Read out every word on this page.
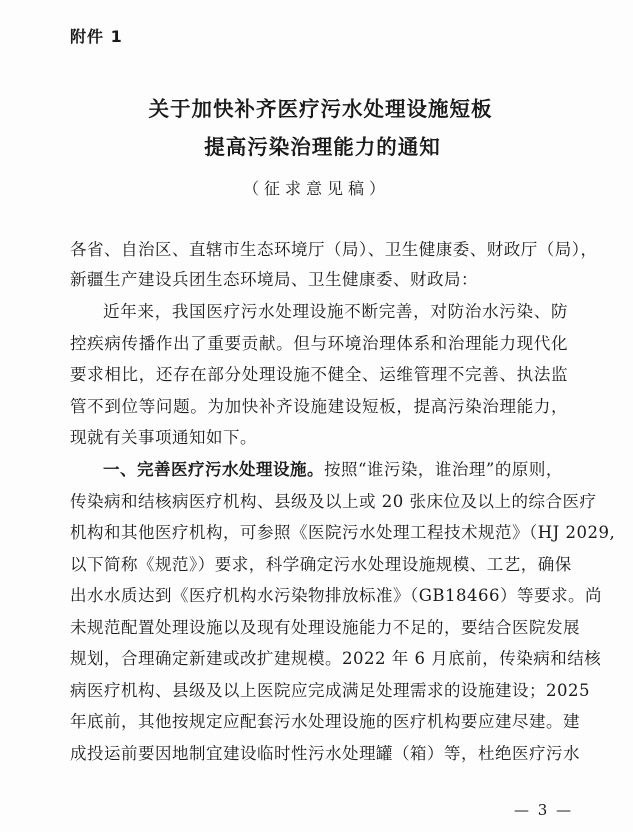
附件 1
关于加快补齐医疗污水处理设施短板
提高污染治理能力的通知
（征求意见稿）
各省、自治区、直辖市生态环境厅（局）、卫生健康委、财政厅（局），
新疆生产建设兵团生态环境局、卫生健康委、财政局：
近年来，我国医疗污水处理设施不断完善，对防治水污染、防
控疾病传播作出了重要贡献。但与环境治理体系和治理能力现代化
要求相比，还存在部分处理设施不健全、运维管理不完善、执法监
管不到位等问题。为加快补齐设施建设短板，提高污染治理能力，
现就有关事项通知如下。
一、完善医疗污水处理设施。按照“谁污染，谁治理”的原则，
传染病和结核病医疗机构、县级及以上或 20 张床位及以上的综合医疗
机构和其他医疗机构，可参照《医院污水处理工程技术规范》（HJ 2029,
以下简称《规范》）要求，科学确定污水处理设施规模、工艺，确保
出水水质达到《医疗机构水污染物排放标准》（GB18466）等要求。尚
未规范配置处理设施以及现有处理设施能力不足的，要结合医院发展
规划，合理确定新建或改扩建规模。2022 年 6 月底前，传染病和结核
病医疗机构、县级及以上医院应完成满足处理需求的设施建设；2025
年底前，其他按规定应配套污水处理设施的医疗机构要应建尽建。建
成投运前要因地制宜建设临时性污水处理罐（箱）等，杜绝医疗污水
— 3 —
